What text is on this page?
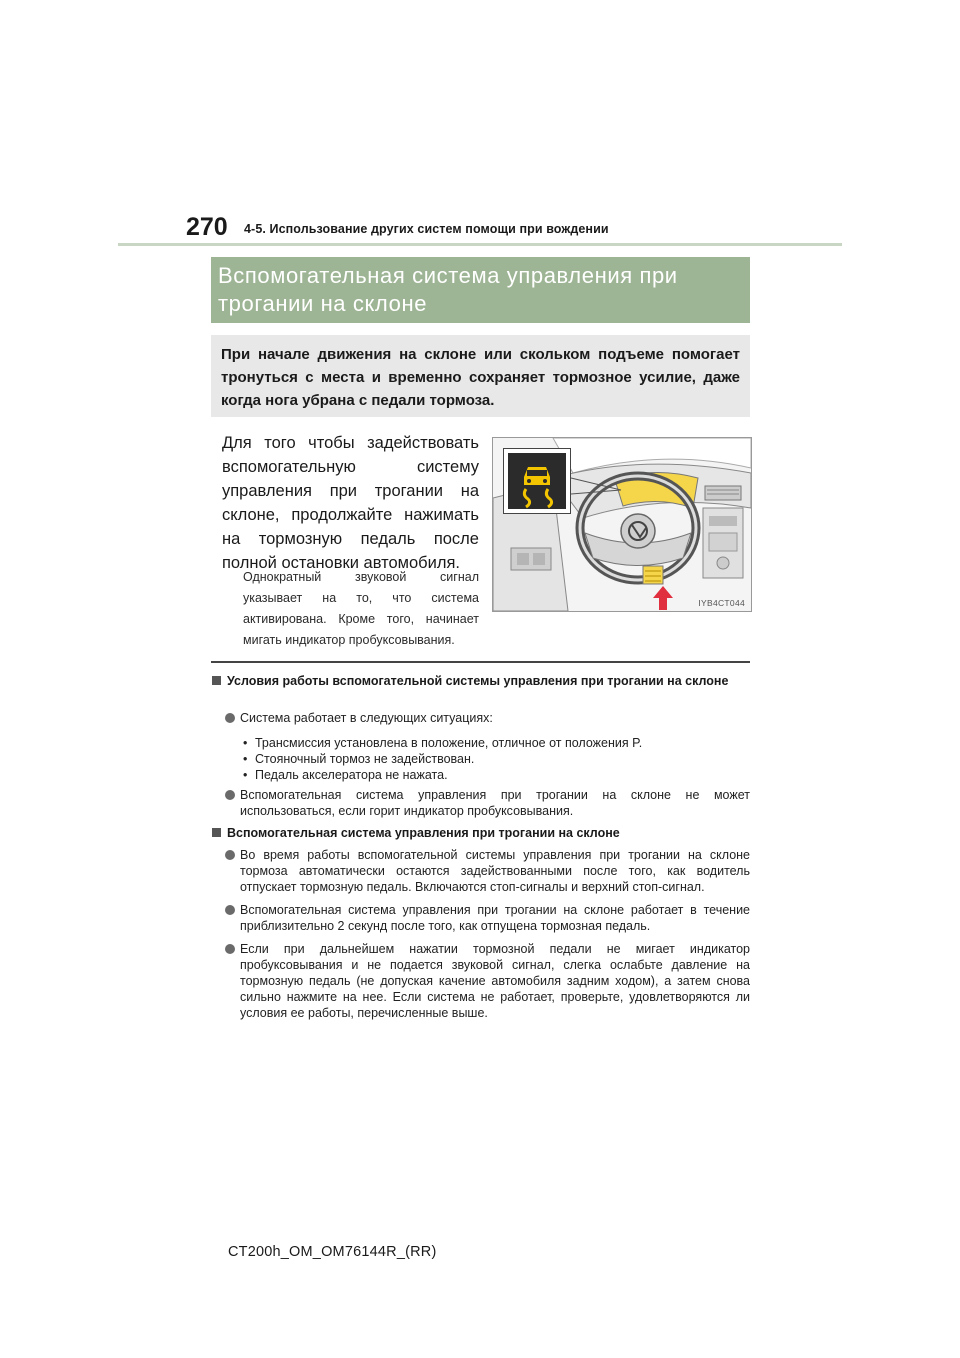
270 4-5. Использование других систем помощи при вождении
Вспомогательная система управления при трогании на склоне
При начале движения на склоне или скольком подъеме помогает тронуться с места и временно сохраняет тормозное усилие, даже когда нога убрана с педали тормоза.
Для того чтобы задействовать вспомогательную систему управления при трогании на склоне, продолжайте нажимать на тормозную педаль после полной остановки автомобиля.
Однократный звуковой сигнал указывает на то, что система активирована. Кроме того, начинает мигать индикатор пробуксовывания.
IYB4CT044
Условия работы вспомогательной системы управления при трогании на склоне
Система работает в следующих ситуациях:
• Трансмиссия установлена в положение, отличное от положения P.
• Стояночный тормоз не задействован.
• Педаль акселератора не нажата.
Вспомогательная система управления при трогании на склоне не может использоваться, если горит индикатор пробуксовывания.
Вспомогательная система управления при трогании на склоне
Во время работы вспомогательной системы управления при трогании на склоне тормоза автоматически остаются задействованными после того, как водитель отпускает тормозную педаль. Включаются стоп-сигналы и верхний стоп-сигнал.
Вспомогательная система управления при трогании на склоне работает в течение приблизительно 2 секунд после того, как отпущена тормозная педаль.
Если при дальнейшем нажатии тормозной педали не мигает индикатор пробуксовывания и не подается звуковой сигнал, слегка ослабьте давление на тормозную педаль (не допуская качение автомобиля задним ходом), а затем снова сильно нажмите на нее. Если система не работает, проверьте, удовлетворяются ли условия ее работы, перечисленные выше.
CT200h_OM_OM76144R_(RR)
